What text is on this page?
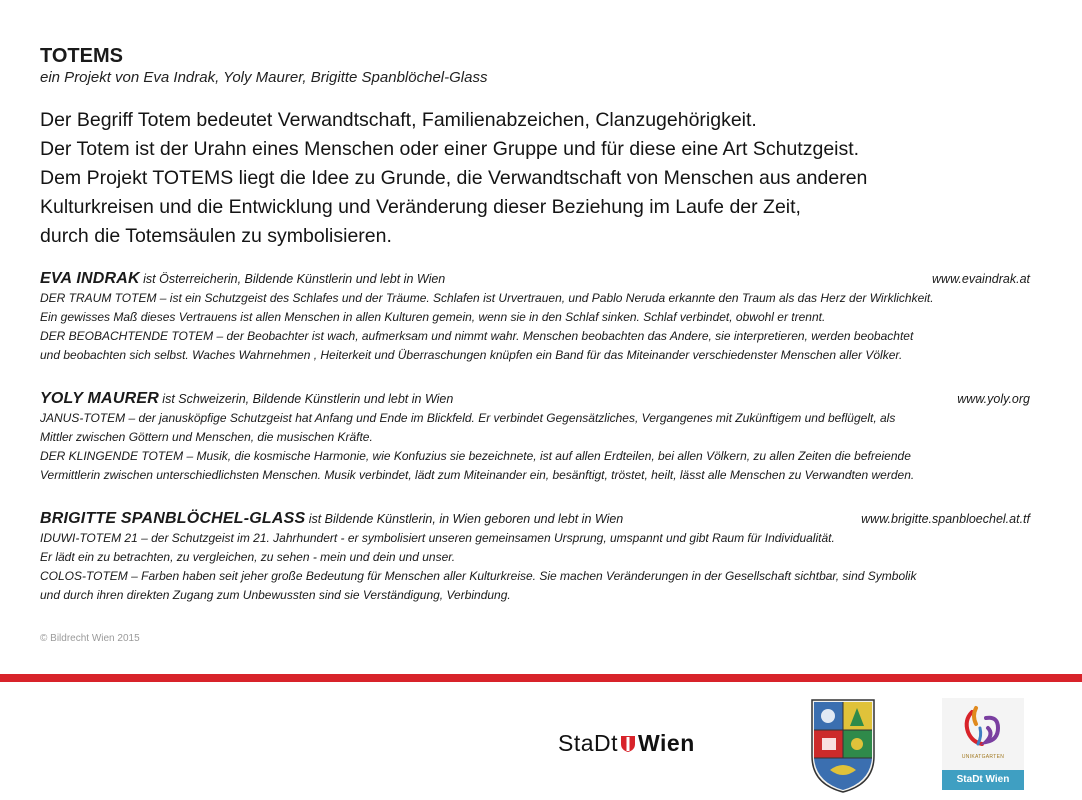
TOTEMS

ein Projekt von Eva Indrak, Yoly Maurer, Brigitte Spanblöchel-Glass

Der Begriff Totem bedeutet Verwandtschaft, Familienabzeichen, Clanzugehörigkeit.
Der Totem ist der Urahn eines Menschen oder einer Gruppe und für diese eine Art Schutzgeist.
Dem Projekt TOTEMS liegt die Idee zu Grunde, die Verwandtschaft von Menschen aus anderen
Kulturkreisen und die Entwicklung und Veränderung dieser Beziehung im Laufe der Zeit,
durch die Totemsäulen zu symbolisieren.
EVA INDRAK ist Österreicherin, Bildende Künstlerin und lebt in Wien	www.evaindrak.at
DER TRAUM TOTEM – ist ein Schutzgeist des Schlafes und der Träume. Schlafen ist Urvertrauen, und Pablo Neruda erkannte den Traum als das Herz der Wirklichkeit.
Ein gewisses Maß dieses Vertrauens ist allen Menschen in allen Kulturen gemein, wenn sie in den Schlaf sinken. Schlaf verbindet, obwohl er trennt.
DER BEOBACHTENDE TOTEM – der Beobachter ist wach, aufmerksam und nimmt wahr. Menschen beobachten das Andere, sie interpretieren, werden beobachtet
und beobachten sich selbst. Waches Wahrnehmen , Heiterkeit und Überraschungen knüpfen ein Band für das Miteinander verschiedenster Menschen aller Völker.
YOLY MAURER ist Schweizerin, Bildende Künstlerin und lebt in Wien	www.yoly.org
JANUS-TOTEM – der janusköpfige Schutzgeist hat Anfang und Ende im Blickfeld. Er verbindet Gegensätzliches, Vergangenes mit Zukünftigem und beflügelt, als
Mittler zwischen Göttern und Menschen, die musischen Kräfte.
DER KLINGENDE TOTEM – Musik, die kosmische Harmonie, wie Konfuzius sie bezeichnete, ist auf allen Erdteilen, bei allen Völkern, zu allen Zeiten die befreiende
Vermittlerin zwischen unterschiedlichsten Menschen. Musik verbindet, lädt zum Miteinander ein, besänftigt, tröstet, heilt, lässt alle Menschen zu Verwandten werden.
BRIGITTE SPANBLÖCHEL-GLASS ist Bildende Künstlerin, in Wien geboren und lebt in Wien	www.brigitte.spanbloechel.at.tf
IDUWI-TOTEM 21 – der Schutzgeist im 21. Jahrhundert - er symbolisiert unseren gemeinsamen Ursprung, umspannt und gibt Raum für Individualität.
Er lädt ein zu betrachten, zu vergleichen, zu sehen - mein und dein und unser.
COLOS-TOTEM – Farben haben seit jeher große Bedeutung für Menschen aller Kulturkreise. Sie machen Veränderungen in der Gesellschaft sichtbar, sind Symbolik
und durch ihren direkten Zugang zum Unbewussten sind sie Verständigung, Verbindung.
© Bildrecht Wien 2015
StaDt Wien
UNIKATGARTEN
StaDt Wien
